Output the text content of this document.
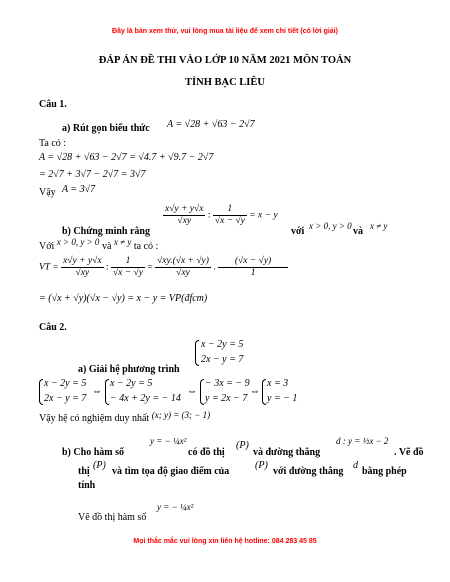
Đây là bản xem thử, vui lòng mua tài liệu để xem chi tiết (có lời giải)
ĐÁP ÁN ĐỀ THI VÀO LỚP 10 NĂM 2021 MÔN TOÁN
TỈNH BẠC LIÊU
Câu 1.
a) Rút gọn biểu thức A = √28 + √63 − 2√7
Ta có :
A = √28 + √63 − 2√7 = √4.7 + √9.7 − 2√7
= 2√7 + 3√7 − 2√7 = 3√7
Vậy A = 3√7
$\frac{x√y + y√x}{√xy}$ : $\frac{1}{√x - √y} = x - y$
b) Chứng minh rằng	với x > 0, y > 0 và x ≠ y
Với x > 0, y > 0 và x ≠ y ta có :
VT = $\frac{x√y + y√x}{√xy}$ : $\frac{1}{√x - √y} = \frac{√xy.(√x + √y)}{√xy}$ . $\frac{(√x - √y)}{1}$
= (√x + √y)(√x − √y) = x − y = VP(đfcm)
Câu 2.
x − 2y = 5
2x − y = 7
a) Giải hệ phương trình
x − 2y = 5
2x − y = 7
⇔
x − 2y = 5
− 4x + 2y = − 14
⇔
− 3x = − 9
y = 2x − 7
⇔
x = 3
y = − 1
Vậy hệ có nghiệm duy nhất (x; y) = (3; − 1)
b) Cho hàm số
y = − ¼x²
có đồ thị
(P)
và đường thẳng
d : y = ½x − 2
. Vẽ đồ
thị
(P)
và tìm tọa độ giao điểm của
(P)
với đường thẳng
d
bằng phép
tính
Vẽ đồ thị hàm số
y = − ¼x²
Mọi thắc mắc vui lòng xin liên hệ hotline: 084 283 45 85
